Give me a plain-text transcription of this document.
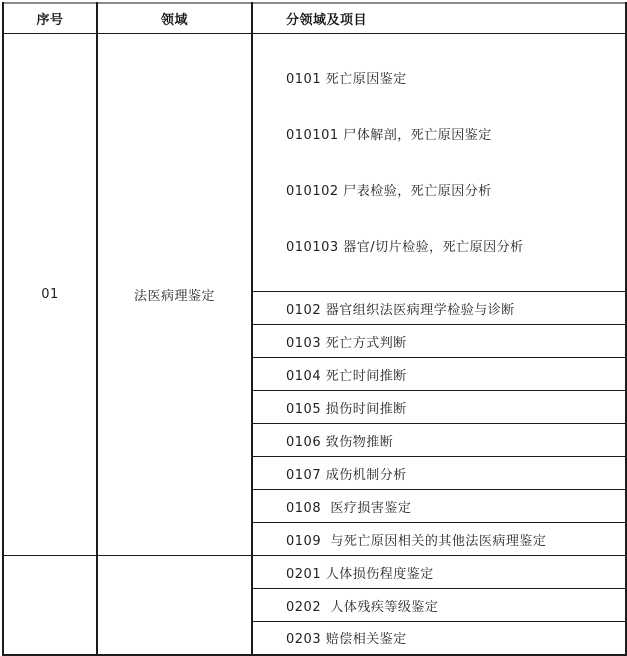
序号	领域	分领域及项目
01	法医病理鉴定	0101 死亡原因鉴定

010101 尸体解剖，死亡原因鉴定

010102 尸表检验，死亡原因分析

010103 器官/切片检验，死亡原因分析

		0102 器官组织法医病理学检验与诊断
		0103 死亡方式判断
		0104 死亡时间推断
		0105 损伤时间推断
		0106 致伤物推断
		0107 成伤机制分析
		0108  医疗损害鉴定
		0109  与死亡原因相关的其他法医病理鉴定
		0201 人体损伤程度鉴定
		0202  人体残疾等级鉴定
		0203 赔偿相关鉴定
